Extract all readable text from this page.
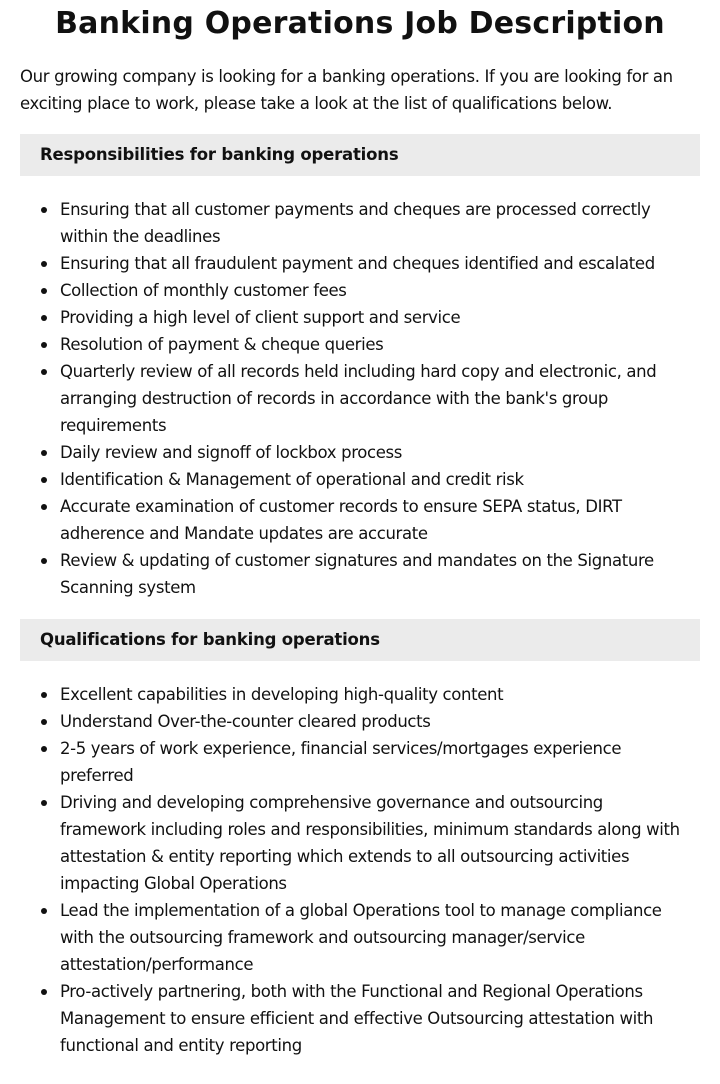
Banking Operations Job Description

Our growing company is looking for a banking operations. If you are looking for an exciting place to work, please take a look at the list of qualifications below.

Responsibilities for banking operations
Ensuring that all customer payments and cheques are processed correctly within the deadlines
Ensuring that all fraudulent payment and cheques identified and escalated
Collection of monthly customer fees
Providing a high level of client support and service
Resolution of payment & cheque queries
Quarterly review of all records held including hard copy and electronic, and arranging destruction of records in accordance with the bank's group requirements
Daily review and signoff of lockbox process
Identification & Management of operational and credit risk
Accurate examination of customer records to ensure SEPA status, DIRT adherence and Mandate updates are accurate
Review & updating of customer signatures and mandates on the Signature Scanning system
Qualifications for banking operations
Excellent capabilities in developing high-quality content
Understand Over-the-counter cleared products
2-5 years of work experience, financial services/mortgages experience preferred
Driving and developing comprehensive governance and outsourcing framework including roles and responsibilities, minimum standards along with attestation & entity reporting which extends to all outsourcing activities impacting Global Operations
Lead the implementation of a global Operations tool to manage compliance with the outsourcing framework and outsourcing manager/service attestation/performance
Pro-actively partnering, both with the Functional and Regional Operations Management to ensure efficient and effective Outsourcing attestation with functional and entity reporting
